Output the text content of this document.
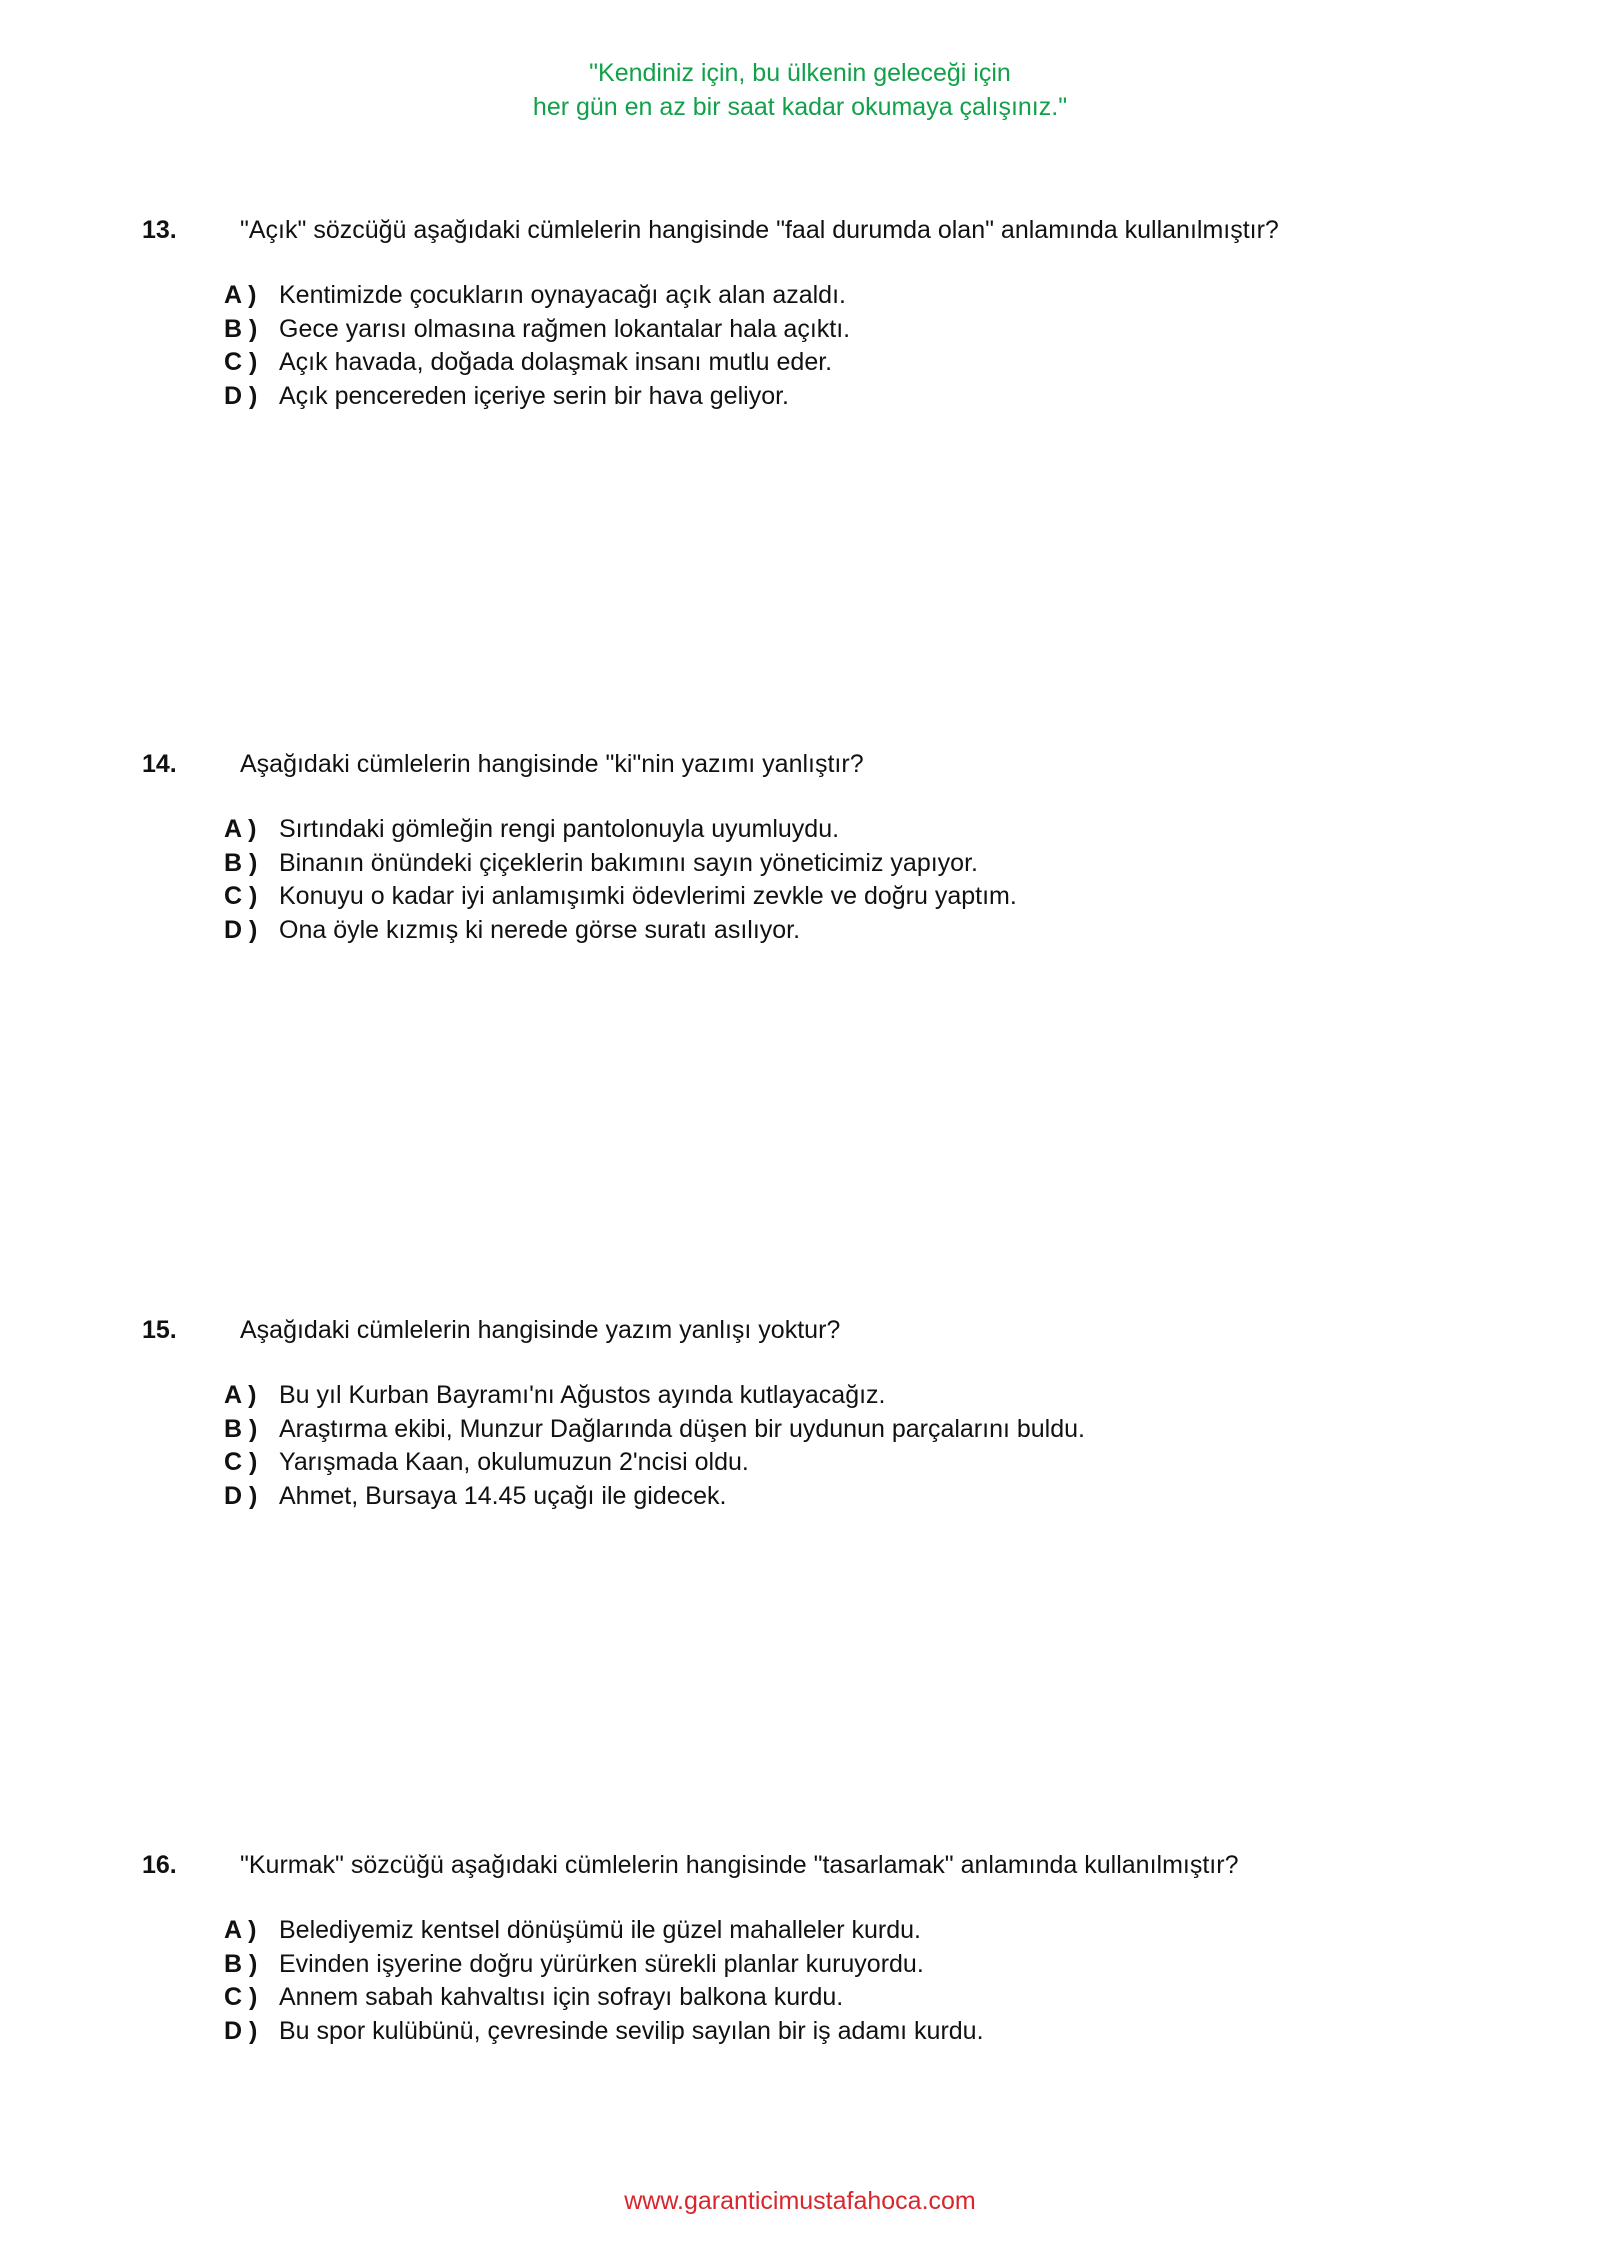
"Kendiniz için, bu ülkenin geleceği için
her gün en az bir saat kadar okumaya çalışınız."
13.	"Açık" sözcüğü aşağıdaki cümlelerin hangisinde "faal durumda olan" anlamında kullanılmıştır?
A ) Kentimizde çocukların oynayacağı açık alan azaldı.
B ) Gece yarısı olmasına rağmen lokantalar hala açıktı.
C ) Açık havada, doğada dolaşmak insanı mutlu eder.
D ) Açık pencereden içeriye serin bir hava geliyor.
14.	Aşağıdaki cümlelerin hangisinde "ki"nin yazımı yanlıştır?
A ) Sırtındaki gömleğin rengi pantolonuyla uyumluydu.
B ) Binanın önündeki çiçeklerin bakımını sayın yöneticimiz yapıyor.
C ) Konuyu o kadar iyi anlamışımki ödevlerimi zevkle ve doğru yaptım.
D ) Ona öyle kızmış ki nerede görse suratı asılıyor.
15.	Aşağıdaki cümlelerin hangisinde yazım yanlışı yoktur?
A ) Bu yıl Kurban Bayramı'nı Ağustos ayında kutlayacağız.
B ) Araştırma ekibi, Munzur Dağlarında düşen bir uydunun parçalarını buldu.
C ) Yarışmada Kaan, okulumuzun 2'ncisi oldu.
D ) Ahmet, Bursaya 14.45 uçağı ile gidecek.
16.	"Kurmak" sözcüğü aşağıdaki cümlelerin hangisinde "tasarlamak" anlamında kullanılmıştır?
A ) Belediyemiz kentsel dönüşümü ile güzel mahalleler kurdu.
B ) Evinden işyerine doğru yürürken sürekli planlar kuruyordu.
C ) Annem sabah kahvaltısı için sofrayı balkona kurdu.
D ) Bu spor kulübünü, çevresinde sevilip sayılan bir iş adamı kurdu.
www.garanticimustafahoca.com
